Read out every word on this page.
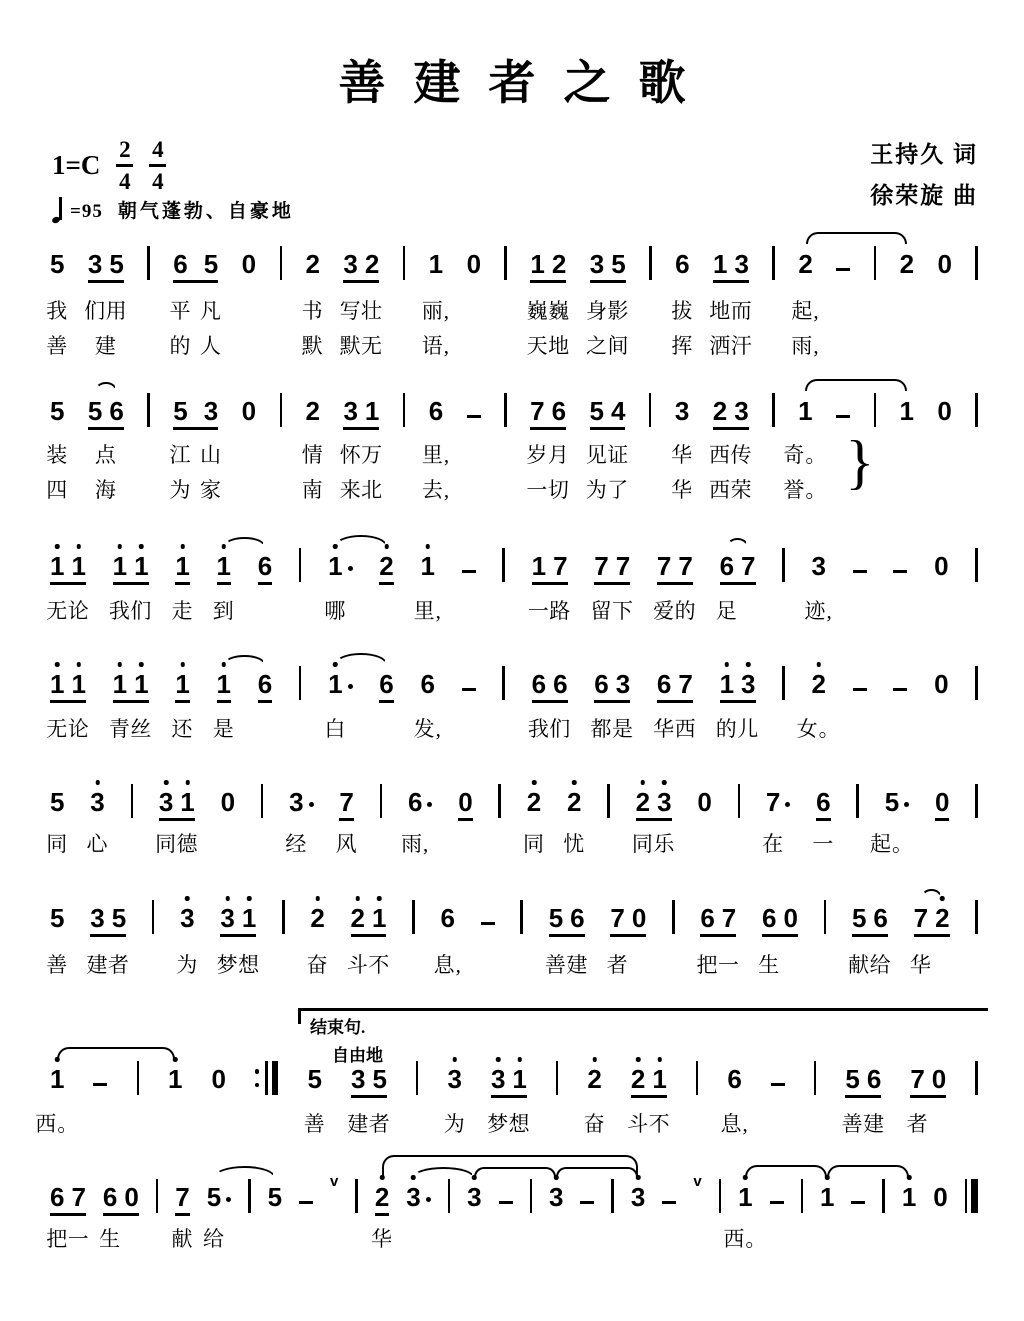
善建者之歌
$1=C \frac{2}{4} \frac{4}{4}$
=95 朝气蓬勃、自豪地
王持久 词
徐荣旋 曲
结束句.
自由地
5 3 5 6 5 0 2 3 2 1 0 1 2 3 5 6 1 3 2	2 0
我 们 用 平 凡	书 写 壮 丽,	巍 巍 身 影 拔 地 而 起,
善 建	的 人	默 默 无 语,	天 地 之 间 挥 洒 汗 雨,
5 5 6 5 3 0 2 3 1 6	7 6 5 4 3 2 3 1	1 0
装 点	江 山	情 怀 万 里,	岁 月 见 证 华 西 传 奇。
四 海	为 家	南 来 北 去,	一 切 为 了 华 西 荣 誉。 }
1 1 1 1 1 1 6 1 2 1	1 7 7 7 7 7 6 7 3	0
无 论 我 们 走 到	哪	里,	一 路 留 下 爱 的 足	迹,
1 1 1 1 1 1 6 1 6 6	6 6 6 3 6 7 1 3 2	0
无 论 青 丝 还 是	白	发,	我 们 都 是 华 西 的 儿 女。
5 3 3 1 0 3 7 6 0 2 2 2 3 0 7 6 5 0
同 心 同 德	经 风 雨,	同 忧 同 乐	在 一 起。
5 3 5 3 3 1 2 2 1 6	5 6 7 0 6 7 6 0 5 6 7 2
善 建 者 为 梦 想 奋 斗 不 息,	善 建 者	把 一 生	献 给 华
1	1 0	5 3 5 3 3 1 2 2 1 6	5 6 7 0
西。	善 建 者	为 梦 想	奋 斗 不 息,	善 建 者
6 7 6 0 7 5 5
v
2 3 3	3	3
v
1	1	1 0
把 一 生 献 给	华	西。
